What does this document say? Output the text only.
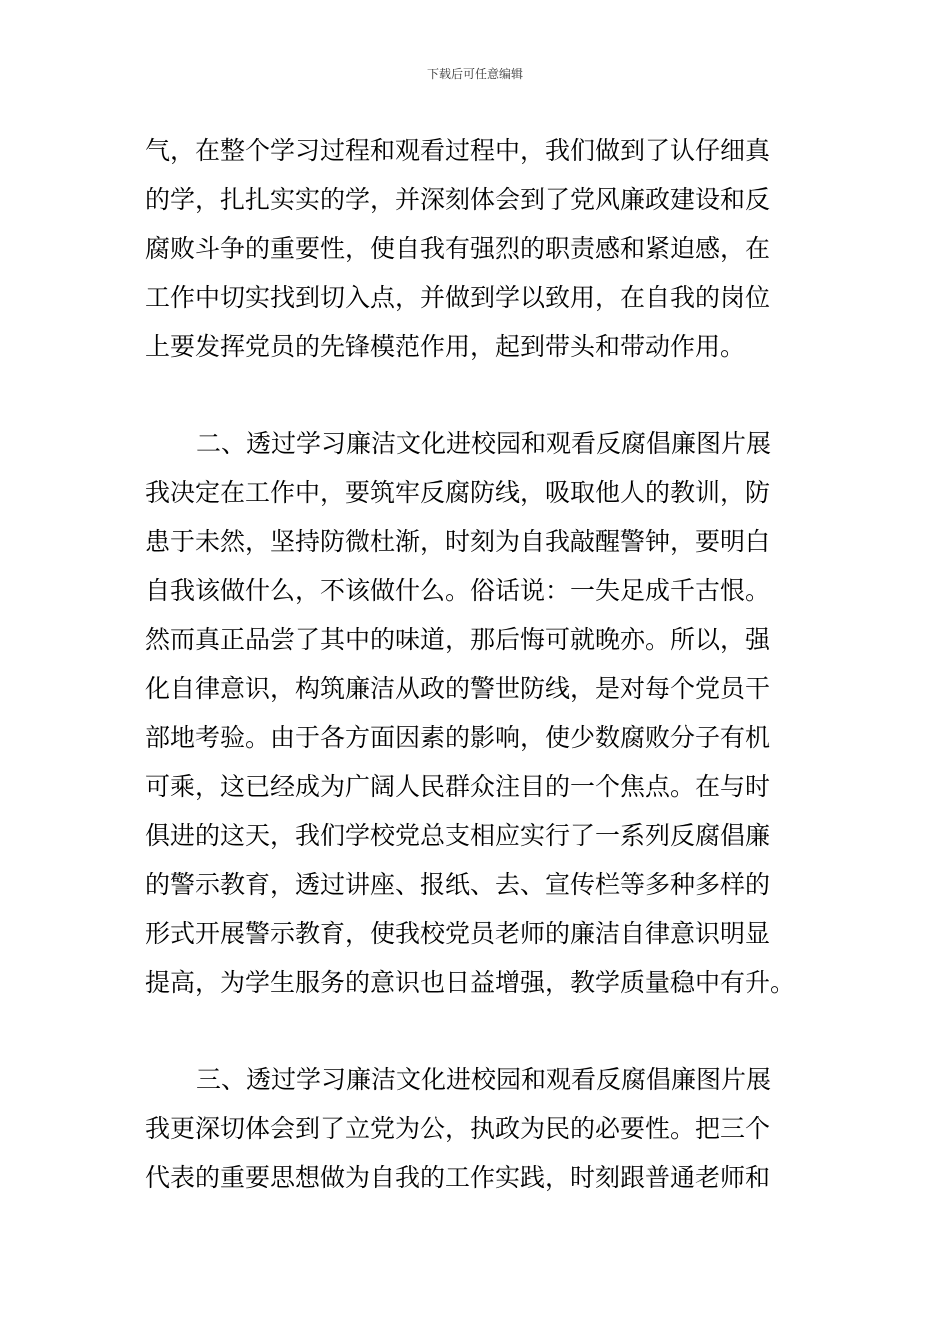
下载后可任意编辑
气，在整个学习过程和观看过程中，我们做到了认仔细真
的学，扎扎实实的学，并深刻体会到了党风廉政建设和反
腐败斗争的重要性，使自我有强烈的职责感和紧迫感，在
工作中切实找到切入点，并做到学以致用，在自我的岗位
上要发挥党员的先锋模范作用，起到带头和带动作用。
二、透过学习廉洁文化进校园和观看反腐倡廉图片展
我决定在工作中，要筑牢反腐防线，吸取他人的教训，防
患于未然，坚持防微杜渐，时刻为自我敲醒警钟，要明白
自我该做什么，不该做什么。俗话说：一失足成千古恨。
然而真正品尝了其中的味道，那后悔可就晚亦。所以，强
化自律意识，构筑廉洁从政的警世防线，是对每个党员干
部地考验。由于各方面因素的影响，使少数腐败分子有机
可乘，这已经成为广阔人民群众注目的一个焦点。在与时
俱进的这天，我们学校党总支相应实行了一系列反腐倡廉
的警示教育，透过讲座、报纸、去、宣传栏等多种多样的
形式开展警示教育，使我校党员老师的廉洁自律意识明显
提高，为学生服务的意识也日益增强，教学质量稳中有升。
三、透过学习廉洁文化进校园和观看反腐倡廉图片展
我更深切体会到了立党为公，执政为民的必要性。把三个
代表的重要思想做为自我的工作实践，时刻跟普通老师和
